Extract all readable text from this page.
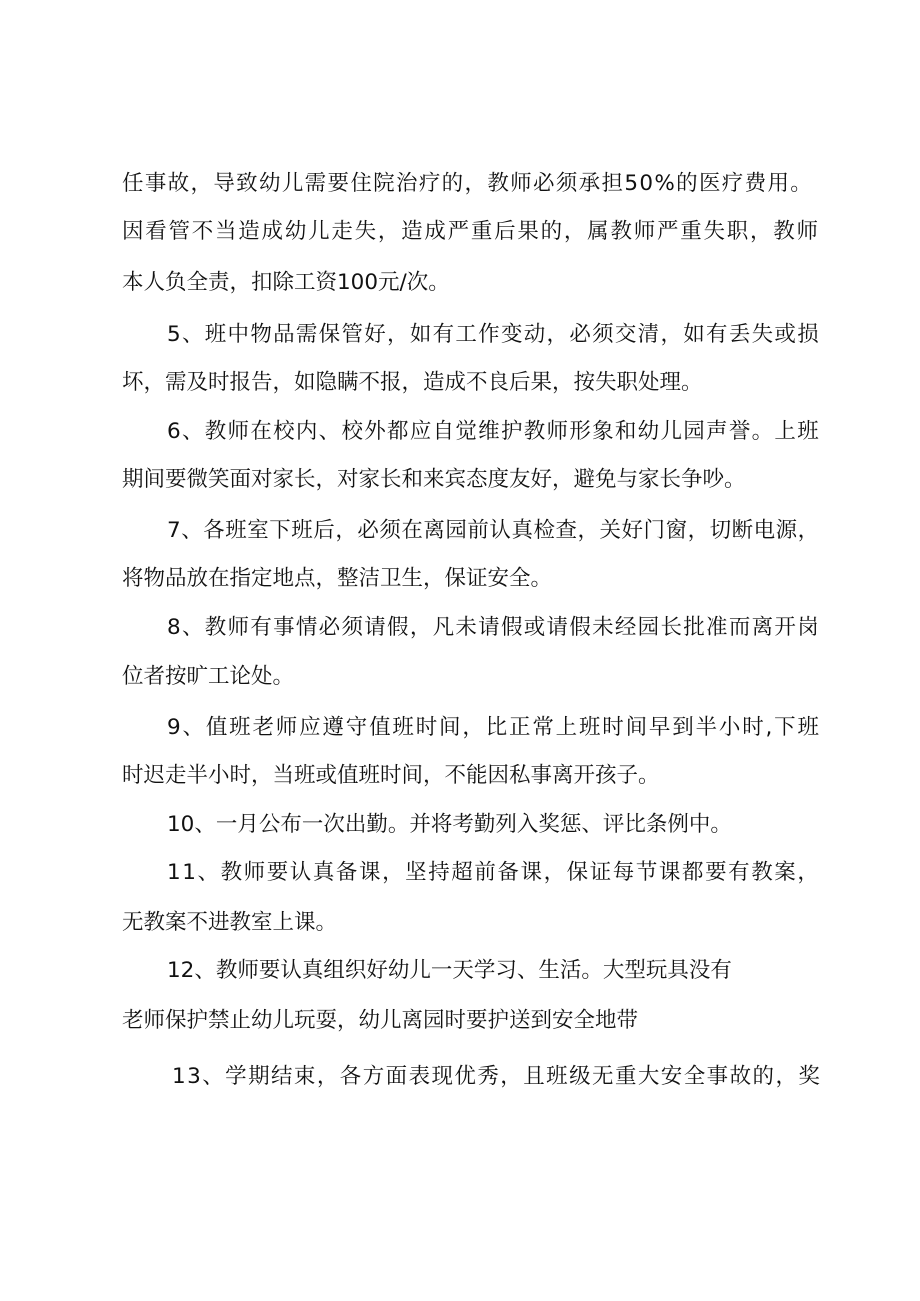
任事故，导致幼儿需要住院治疗的，教师必须承担50%的医疗费用。
因看管不当造成幼儿走失，造成严重后果的，属教师严重失职，教师
本人负全责，扣除工资100元/次。
5、班中物品需保管好，如有工作变动，必须交清，如有丢失或损
坏，需及时报告，如隐瞒不报，造成不良后果，按失职处理。
6、教师在校内、校外都应自觉维护教师形象和幼儿园声誉。上班
期间要微笑面对家长，对家长和来宾态度友好，避免与家长争吵。
7、各班室下班后，必须在离园前认真检查，关好门窗，切断电源，
将物品放在指定地点，整洁卫生，保证安全。
8、教师有事情必须请假，凡未请假或请假未经园长批准而离开岗
位者按旷工论处。
9、值班老师应遵守值班时间，比正常上班时间早到半小时,下班
时迟走半小时，当班或值班时间，不能因私事离开孩子。
10、一月公布一次出勤。并将考勤列入奖惩、评比条例中。
11、教师要认真备课，坚持超前备课，保证每节课都要有教案，
无教案不进教室上课。
12、教师要认真组织好幼儿一天学习、生活。大型玩具没有
老师保护禁止幼儿玩耍，幼儿离园时要护送到安全地带
13、学期结束，各方面表现优秀，且班级无重大安全事故的，奖
